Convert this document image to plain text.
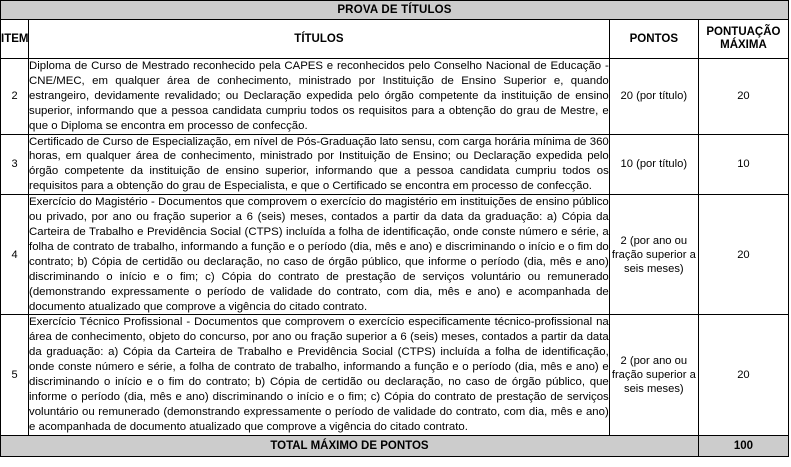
PROVA DE TÍTULOS			
ITEM	TÍTULOS	PONTOS	PONTUAÇÃO
MÁXIMA
2	Diploma de Curso de Mestrado reconhecido pela CAPES e reconhecidos pelo Conselho Nacional de Educação - CNE/MEC, em qualquer área de conhecimento, ministrado por Instituição de Ensino Superior e, quando estrangeiro, devidamente revalidado; ou Declaração expedida pelo órgão competente da instituição de ensino superior, informando que a pessoa candidata cumpriu todos os requisitos para a obtenção do grau de Mestre, e que o Diploma se encontra em processo de confecção.	20 (por título)	20
3	Certificado de Curso de Especialização, em nível de Pós-Graduação lato sensu, com carga horária mínima de 360 horas, em qualquer área de conhecimento, ministrado por Instituição de Ensino; ou Declaração expedida pelo órgão competente da instituição de ensino superior, informando que a pessoa candidata cumpriu todos os requisitos para a obtenção do grau de Especialista, e que o Certificado se encontra em processo de confecção.	10 (por título)	10
4	Exercício do Magistério - Documentos que comprovem o exercício do magistério em instituições de ensino público ou privado, por ano ou fração superior a 6 (seis) meses, contados a partir da data da graduação: a) Cópia da Carteira de Trabalho e Previdência Social (CTPS) incluída a folha de identificação, onde conste número e série, a folha de contrato de trabalho, informando a função e o período (dia, mês e ano) e discriminando o início e o fim do contrato; b) Cópia de certidão ou declaração, no caso de órgão público, que informe o período (dia, mês e ano) discriminando o início e o fim; c) Cópia do contrato de prestação de serviços voluntário ou remunerado (demonstrando expressamente o período de validade do contrato, com dia, mês e ano) e acompanhada de documento atualizado que comprove a vigência do citado contrato.	2 (por ano ou fração superior a seis meses)	20
5	Exercício Técnico Profissional - Documentos que comprovem o exercício especificamente técnico-profissional na área de conhecimento, objeto do concurso, por ano ou fração superior a 6 (seis) meses, contados a partir da data da graduação: a) Cópia da Carteira de Trabalho e Previdência Social (CTPS) incluída a folha de identificação, onde conste número e série, a folha de contrato de trabalho, informando a função e o período (dia, mês e ano) e discriminando o início e o fim do contrato; b) Cópia de certidão ou declaração, no caso de órgão público, que informe o período (dia, mês e ano) discriminando o início e o fim; c) Cópia do contrato de prestação de serviços voluntário ou remunerado (demonstrando expressamente o período de validade do contrato, com dia, mês e ano) e acompanhada de documento atualizado que comprove a vigência do citado contrato.	2 (por ano ou fração superior a seis meses)	20
TOTAL MÁXIMO DE PONTOS			100
